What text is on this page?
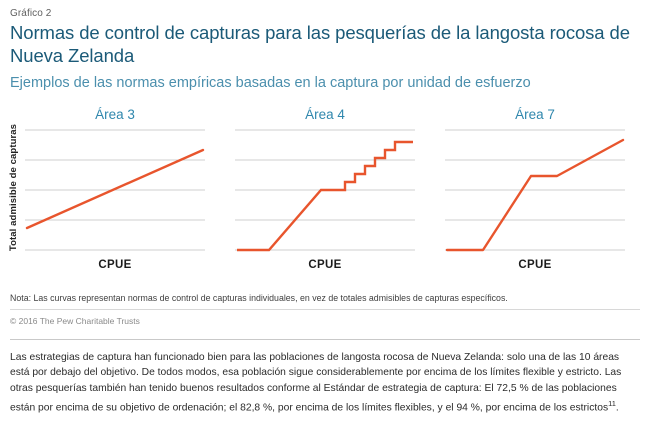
Gráfico 2
Normas de control de capturas para las pesquerías de la langosta rocosa de Nueva Zelanda
Ejemplos de las normas empíricas basadas en la captura por unidad de esfuerzo
Total admisible de capturas
Área 3
CPUE
Área 4
CPUE
Área 7
CPUE
Nota: Las curvas representan normas de control de capturas individuales, en vez de totales admisibles de capturas específicos.
© 2016 The Pew Charitable Trusts

Las estrategias de captura han funcionado bien para las poblaciones de langosta rocosa de Nueva Zelanda: solo una de las 10 áreas está por debajo del objetivo. De todos modos, esa población sigue considerablemente por encima de los límites flexible y estricto. Las otras pesquerías también han tenido buenos resultados conforme al Estándar de estrategia de captura: El 72,5 % de las poblaciones están por encima de su objetivo de ordenación; el 82,8 %, por encima de los límites flexibles, y el 94 %, por encima de los estrictos$^{11}$.
